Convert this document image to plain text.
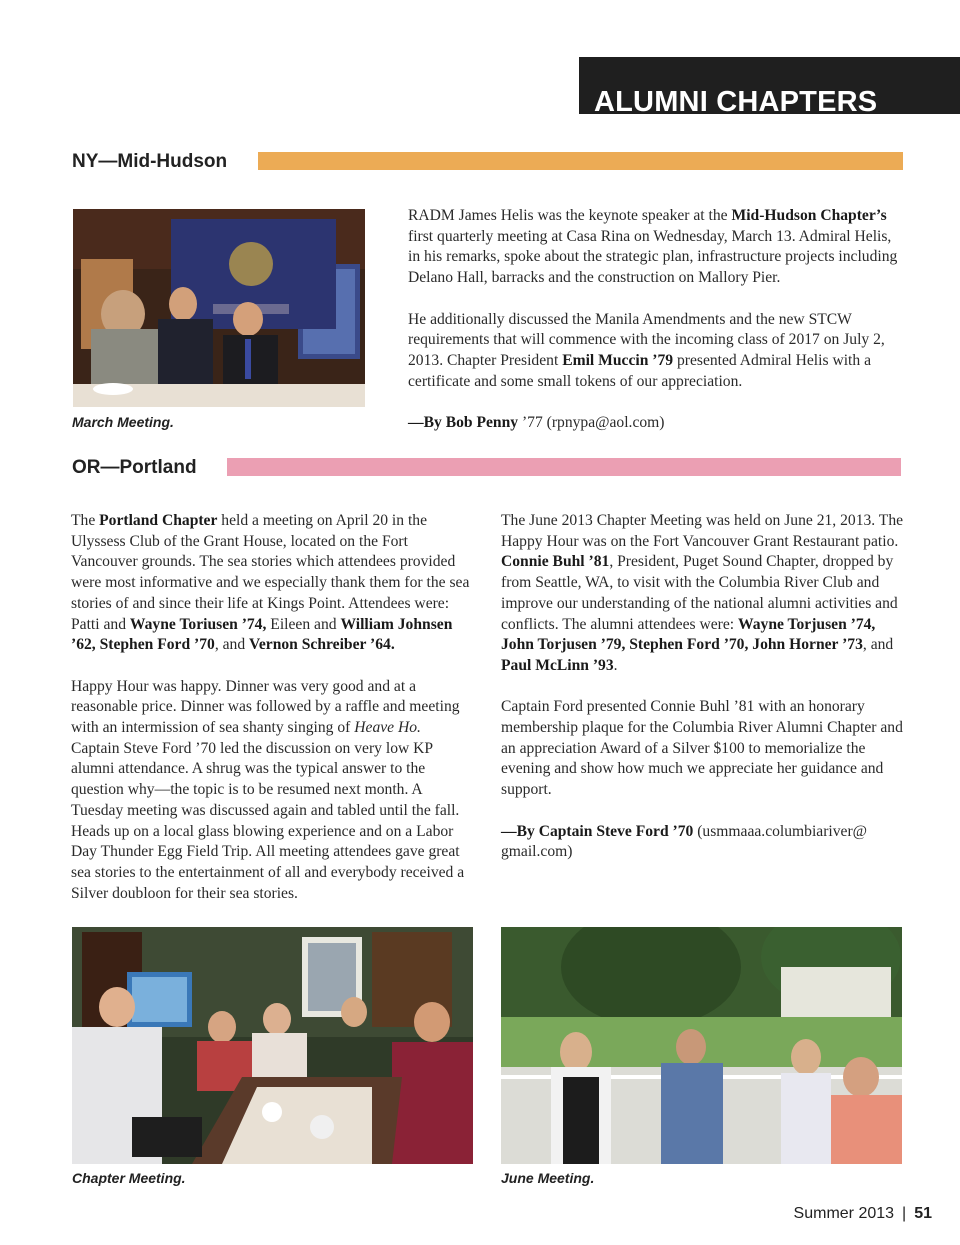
ALUMNI CHAPTERS
NY—Mid-Hudson
March Meeting.

RADM James Helis was the keynote speaker at the Mid-Hudson Chapter’s first quarterly meeting at Casa Rina on Wednesday, March 13. Admiral Helis, in his remarks, spoke about the strategic plan, infrastructure projects including Delano Hall, barracks and the construction on Mallory Pier.

He additionally discussed the Manila Amendments and the new STCW requirements that will commence with the incoming class of 2017 on July 2, 2013. Chapter President Emil Muccin ’79 presented Admiral Helis with a certificate and some small tokens of our appreciation.

—By Bob Penny ’77 (rpnypa@aol.com)

OR—Portland

The Portland Chapter held a meeting on April 20 in the Ulyssess Club of the Grant House, located on the Fort Vancouver grounds. The sea stories which attendees provided were most informative and we especially thank them for the sea stories of and since their life at Kings Point. Attendees were: Patti and Wayne Toriusen ’74, Eileen and William Johnsen ’62, Stephen Ford ’70, and Vernon Schreiber ’64.

Happy Hour was happy. Dinner was very good and at a reasonable price. Dinner was followed by a raffle and meeting with an intermission of sea shanty singing of Heave Ho. Captain Steve Ford ’70 led the discussion on very low KP alumni attendance. A shrug was the typical answer to the question why—the topic is to be resumed next month. A Tuesday meeting was discussed again and tabled until the fall. Heads up on a local glass blowing experience and on a Labor Day Thunder Egg Field Trip. All meeting attendees gave great sea stories to the entertainment of all and everybody received a Silver doubloon for their sea stories.

The June 2013 Chapter Meeting was held on June 21, 2013. The Happy Hour was on the Fort Vancouver Grant Restaurant patio. Connie Buhl ’81, President, Puget Sound Chapter, dropped by from Seattle, WA, to visit with the Columbia River Club and improve our understanding of the national alumni activities and conflicts. The alumni attendees were: Wayne Torjusen ’74, John Torjusen ’79, Stephen Ford ’70, John Horner ’73, and Paul McLinn ’93.

Captain Ford presented Connie Buhl ’81 with an honorary membership plaque for the Columbia River Alumni Chapter and an appreciation Award of a Silver $100 to memorialize the evening and show how much we appreciate her guidance and support.

—By Captain Steve Ford ’70 (usmmaaa.columbiariver@ gmail.com)

Chapter Meeting.	June Meeting.
Summer 2013 | 51
